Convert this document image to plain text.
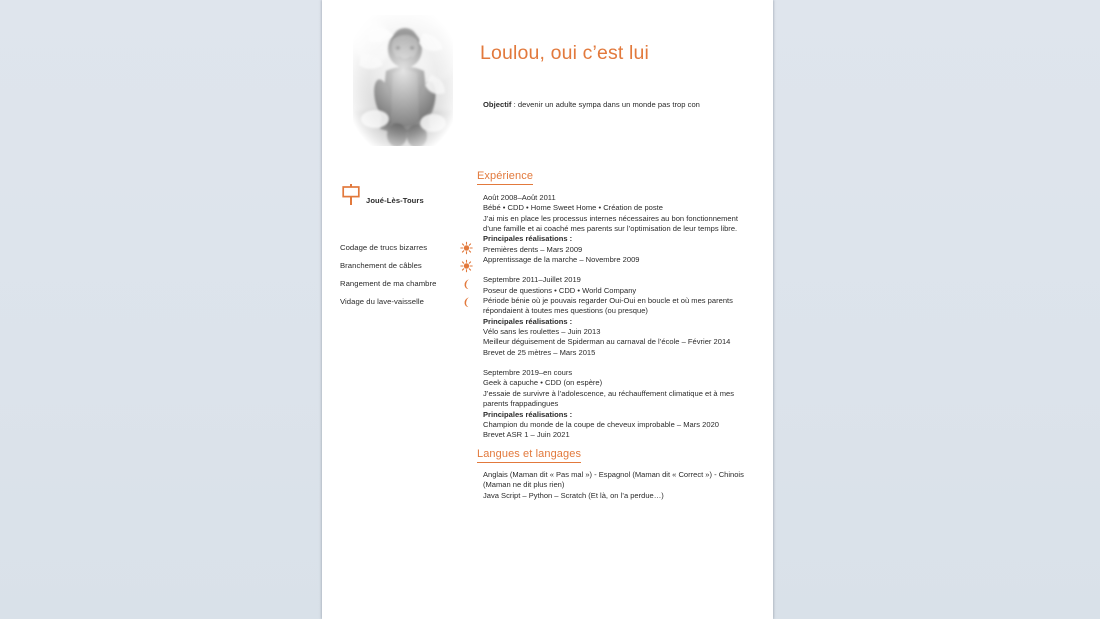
Joué-Lès-Tours
Codage de trucs bizarres
Branchement de câbles
Rangement de ma chambre
Vidage du lave-vaisselle
Loulou, oui c’est lui
Objectif : devenir un adulte sympa dans un monde pas trop con
Expérience

Août 2008–Août 2011

Bébé • CDD • Home Sweet Home • Création de poste

J’ai mis en place les processus internes nécessaires au bon fonctionnement

d’une famille et ai coaché mes parents sur l’optimisation de leur temps libre.

Principales réalisations :

Premières dents – Mars 2009

Apprentissage de la marche – Novembre 2009

Septembre 2011–Juillet 2019

Poseur de questions • CDD • World Company

Période bénie où je pouvais regarder Oui-Oui en boucle et où mes parents

répondaient à toutes mes questions (ou presque)

Principales réalisations :

Vélo sans les roulettes – Juin 2013

Meilleur déguisement de Spiderman au carnaval de l’école – Février 2014

Brevet de 25 mètres – Mars 2015

Septembre 2019–en cours

Geek à capuche • CDD (on espère)

J’essaie de survivre à l’adolescence, au réchauffement climatique et à mes

parents frappadingues

Principales réalisations :

Champion du monde de la coupe de cheveux improbable – Mars 2020

Brevet ASR 1 – Juin 2021

Langues et langages

Anglais (Maman dit « Pas mal ») - Espagnol (Maman dit « Correct ») - Chinois

(Maman ne dit plus rien)

Java Script – Python – Scratch (Et là, on l’a perdue…)
